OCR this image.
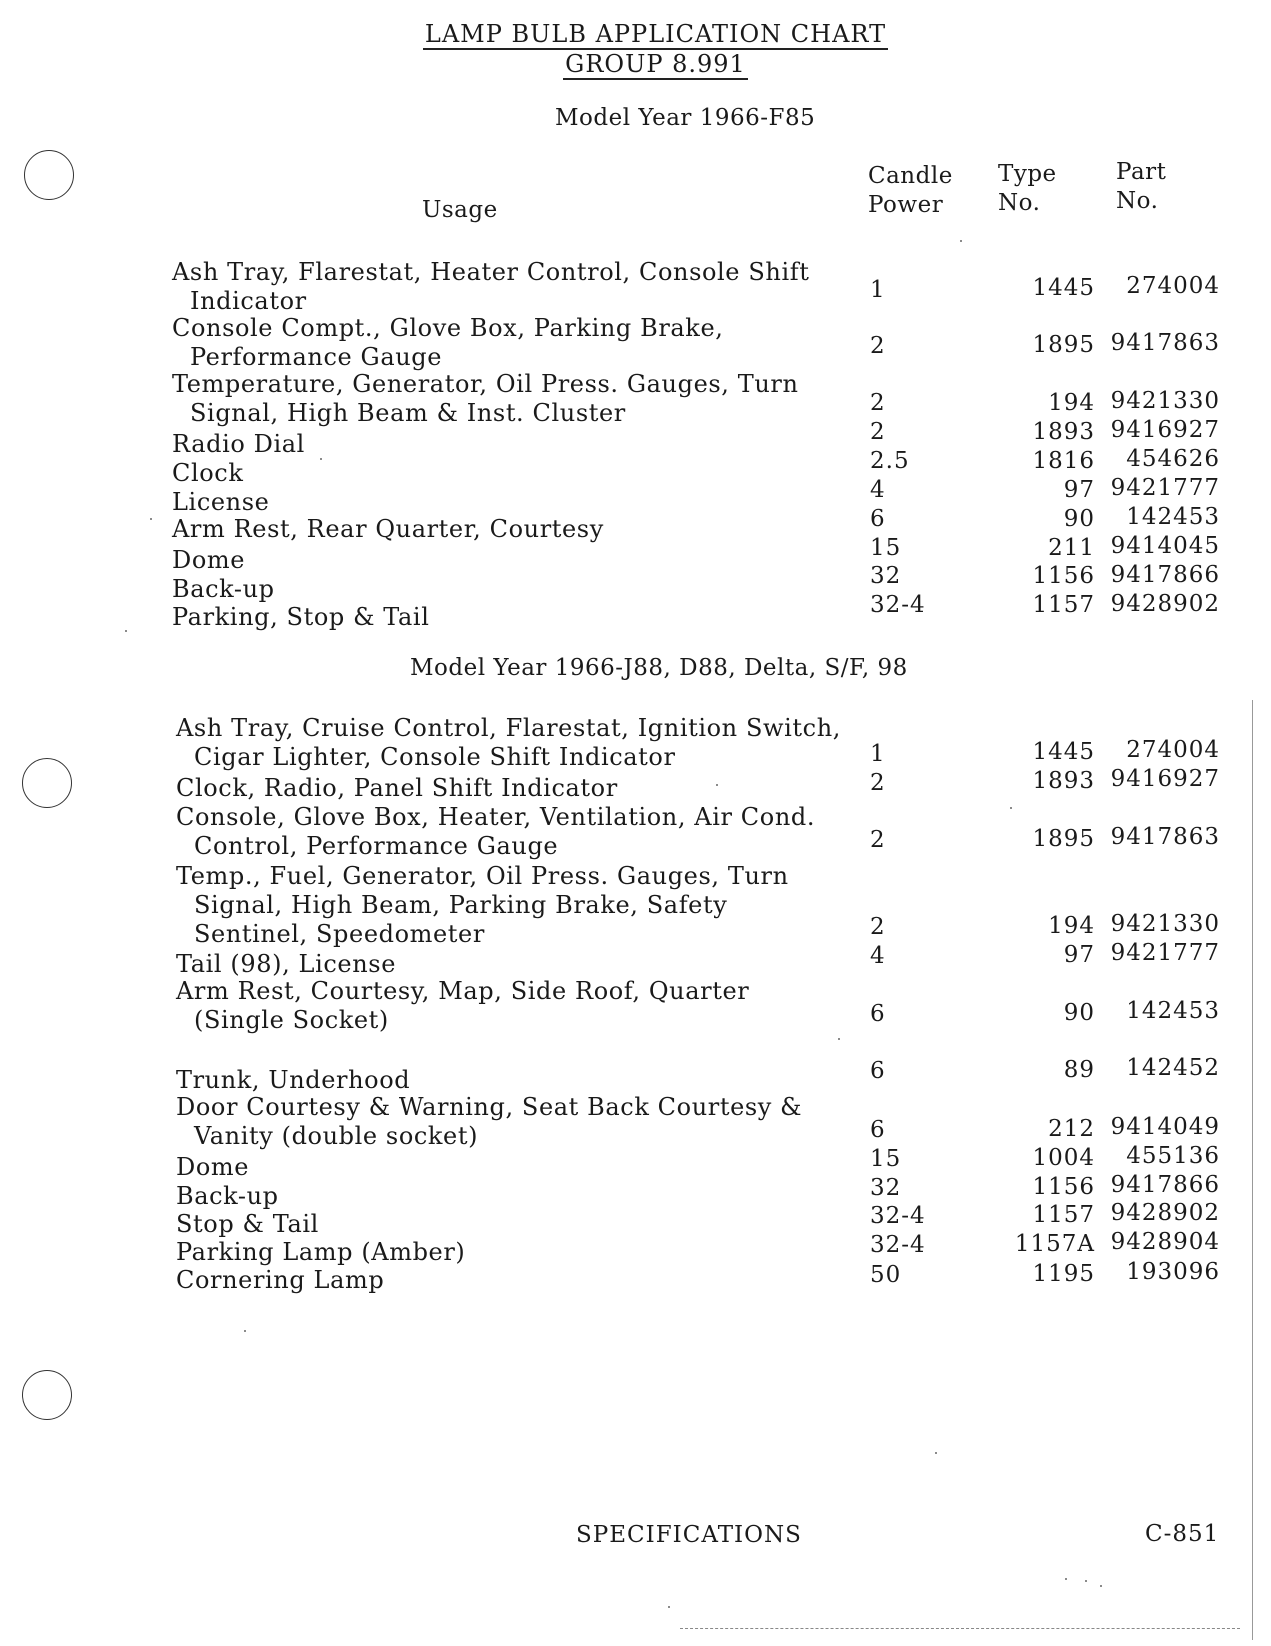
LAMP BULB APPLICATION CHART
GROUP 8.991
Model Year 1966-F85
Usage
Candle
Power
Type
No.
Part
No.
Ash Tray, Flarestat, Heater Control, Console Shift
Indicator	1	1445	274004
Console Compt., Glove Box, Parking Brake,
Performance Gauge	2	1895 9417863
Temperature, Generator, Oil Press. Gauges, Turn
Signal, High Beam & Inst. Cluster	2	194 9421330
Radio Dial	2	1893 9416927
Clock	2.5	1816	454626
License	4	97 9421777
Arm Rest, Rear Quarter, Courtesy	6	90	142453
Dome	15	211 9414045
Back-up	32	1156 9417866
Parking, Stop & Tail	32-4	1157 9428902
Model Year 1966-J88, D88, Delta, S/F, 98
Ash Tray, Cruise Control, Flarestat, Ignition Switch,
Cigar Lighter, Console Shift Indicator	1	1445	274004
Clock, Radio, Panel Shift Indicator	2	1893 9416927
Console, Glove Box, Heater, Ventilation, Air Cond.
Control, Performance Gauge	2	1895 9417863
Temp., Fuel, Generator, Oil Press. Gauges, Turn
Signal, High Beam, Parking Brake, Safety
Sentinel, Speedometer	2	194 9421330
Tail (98), License	4	97 9421777
Arm Rest, Courtesy, Map, Side Roof, Quarter
(Single Socket)	6	90	142453
Trunk, Underhood	6	89	142452
Door Courtesy & Warning, Seat Back Courtesy &
Vanity (double socket)	6	212 9414049
Dome	15	1004	455136
Back-up	32	1156 9417866
Stop & Tail	32-4	1157 9428902
Parking Lamp (Amber)	32-4	1157A 9428904
Cornering Lamp	50	1195	193096
SPECIFICATIONS	C-851
